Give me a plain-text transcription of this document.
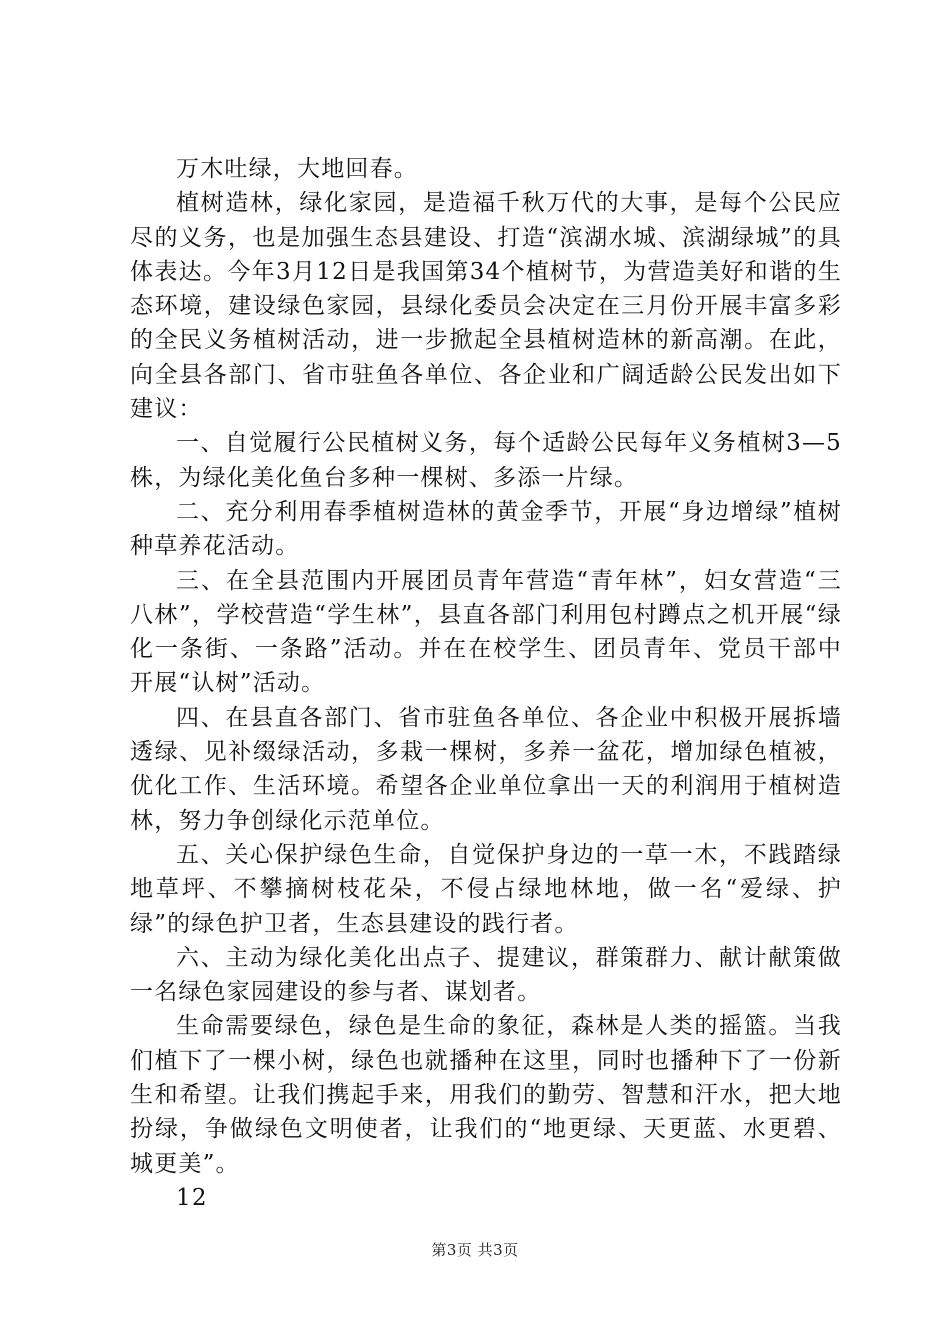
万木吐绿，大地回春。

植树造林，绿化家园，是造福千秋万代的大事，是每个公民应尽的义务，也是加强生态县建设、打造“滨湖水城、滨湖绿城”的具体表达。今年3月12日是我国第34个植树节，为营造美好和谐的生态环境，建设绿色家园，县绿化委员会决定在三月份开展丰富多彩的全民义务植树活动，进一步掀起全县植树造林的新高潮。在此，向全县各部门、省市驻鱼各单位、各企业和广阔适龄公民发出如下建议：

一、自觉履行公民植树义务，每个适龄公民每年义务植树3—5株，为绿化美化鱼台多种一棵树、多添一片绿。

二、充分利用春季植树造林的黄金季节，开展“身边增绿”植树种草养花活动。

三、在全县范围内开展团员青年营造“青年林”，妇女营造“三八林”，学校营造“学生林”，县直各部门利用包村蹲点之机开展“绿化一条街、一条路”活动。并在在校学生、团员青年、党员干部中开展“认树”活动。

四、在县直各部门、省市驻鱼各单位、各企业中积极开展拆墙透绿、见补缀绿活动，多栽一棵树，多养一盆花，增加绿色植被，优化工作、生活环境。希望各企业单位拿出一天的利润用于植树造林，努力争创绿化示范单位。

五、关心保护绿色生命，自觉保护身边的一草一木，不践踏绿地草坪、不攀摘树枝花朵，不侵占绿地林地，做一名“爱绿、护绿”的绿色护卫者，生态县建设的践行者。

六、主动为绿化美化出点子、提建议，群策群力、献计献策做一名绿色家园建设的参与者、谋划者。

生命需要绿色，绿色是生命的象征，森林是人类的摇篮。当我们植下了一棵小树，绿色也就播种在这里，同时也播种下了一份新生和希望。让我们携起手来，用我们的勤劳、智慧和汗水，把大地扮绿，争做绿色文明使者，让我们的“地更绿、天更蓝、水更碧、城更美”。

12

第3页 共3页
